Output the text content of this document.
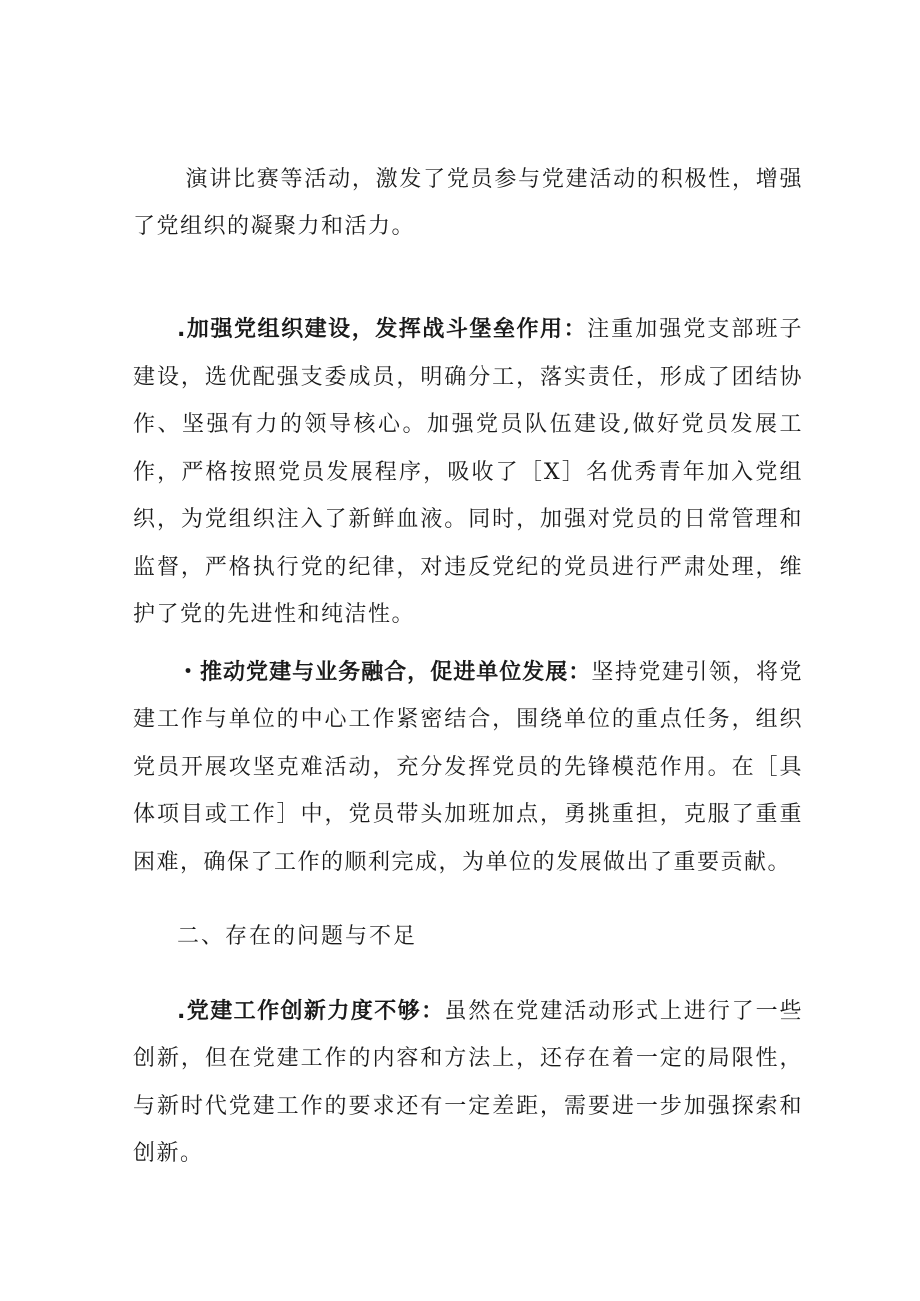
演讲比赛等活动，激发了党员参与党建活动的积极性，增强了党组织的凝聚力和活力。

.加强党组织建设，发挥战斗堡垒作用：注重加强党支部班子建设，选优配强支委成员，明确分工，落实责任，形成了团结协作、坚强有力的领导核心。加强党员队伍建设,做好党员发展工作，严格按照党员发展程序，吸收了［X］名优秀青年加入党组织，为党组织注入了新鲜血液。同时，加强对党员的日常管理和监督，严格执行党的纪律，对违反党纪的党员进行严肃处理，维护了党的先进性和纯洁性。

・推动党建与业务融合，促进单位发展：坚持党建引领，将党建工作与单位的中心工作紧密结合，围绕单位的重点任务，组织党员开展攻坚克难活动，充分发挥党员的先锋模范作用。在［具体项目或工作］中，党员带头加班加点，勇挑重担，克服了重重困难，确保了工作的顺利完成，为单位的发展做出了重要贡献。

二、存在的问题与不足

.党建工作创新力度不够：虽然在党建活动形式上进行了一些创新，但在党建工作的内容和方法上，还存在着一定的局限性，与新时代党建工作的要求还有一定差距，需要进一步加强探索和创新。
